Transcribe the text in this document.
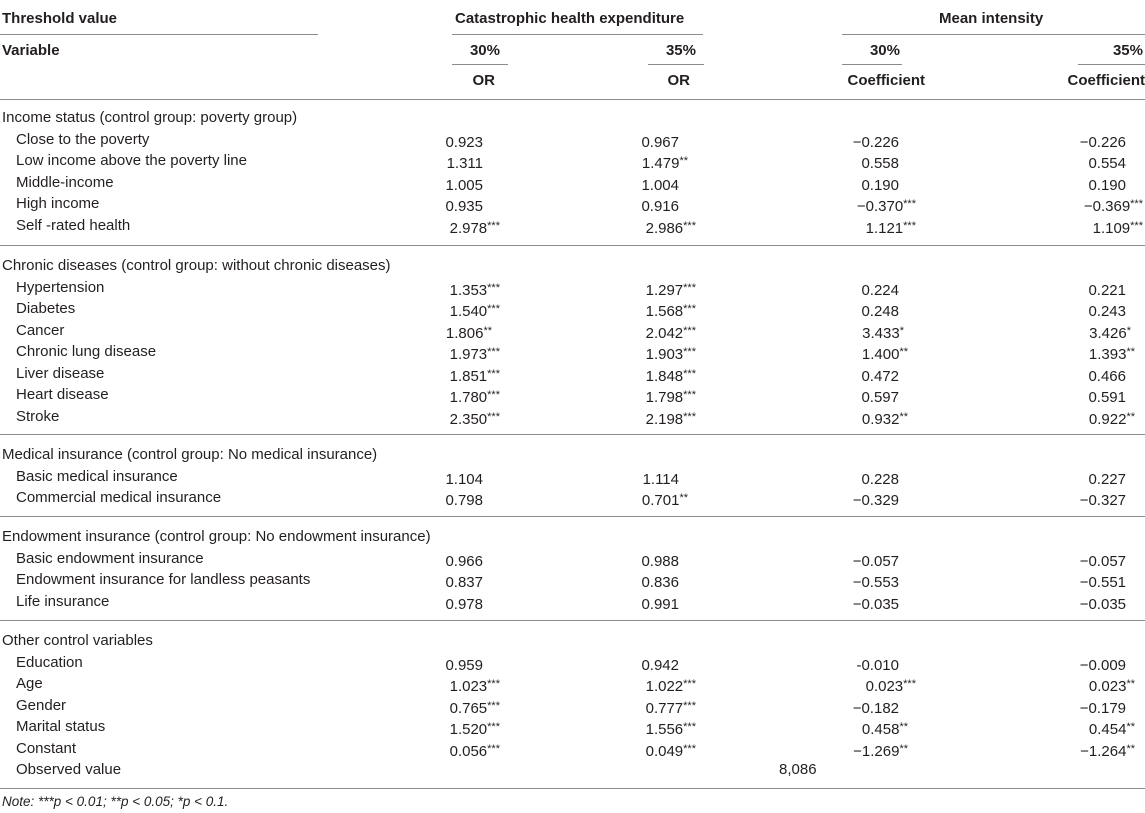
Threshold value	Catastrophic health expenditure	Mean intensity
Variable	30%	35%	30%	35%
OR	OR	Coefficient	Coefficient
Income status (control group: poverty group)
Close to the poverty	0.923	0.967	−0.226	−0.226
Low income above the poverty line	1.311	1.479**	0.558	0.554
Middle-income	1.005	1.004	0.190	0.190
High income	0.935	0.916	−0.370***	−0.369***
Self -rated health	2.978***	2.986***	1.121***	1.109***
Chronic diseases (control group: without chronic diseases)
Hypertension	1.353***	1.297***	0.224	0.221
Diabetes	1.540***	1.568***	0.248	0.243
Cancer	1.806**	2.042***	3.433*	3.426*
Chronic lung disease	1.973***	1.903***	1.400**	1.393**
Liver disease	1.851***	1.848***	0.472	0.466
Heart disease	1.780***	1.798***	0.597	0.591
Stroke	2.350***	2.198***	0.932**	0.922**
Medical insurance (control group: No medical insurance)
Basic medical insurance	1.104	1.114	0.228	0.227
Commercial medical insurance	0.798	0.701**	−0.329	−0.327
Endowment insurance (control group: No endowment insurance)
Basic endowment insurance	0.966	0.988	−0.057	−0.057
Endowment insurance for landless peasants	0.837	0.836	−0.553	−0.551
Life insurance	0.978	0.991	−0.035	−0.035
Other control variables
Education	0.959	0.942	-0.010	−0.009
Age	1.023***	1.022***	0.023***	0.023**
Gender	0.765***	0.777***	−0.182	−0.179
Marital status	1.520***	1.556***	0.458**	0.454**
Constant	0.056***	0.049***	−1.269**	−1.264**
Observed value	8,086
Note: ***p < 0.01; **p < 0.05; *p < 0.1.
